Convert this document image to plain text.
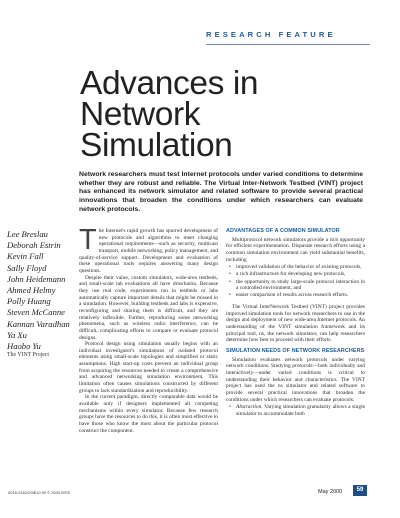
RESEARCH FEATURE
Advances in
Network
Simulation
Network researchers must test Internet protocols under varied conditions to determine whether they are robust and reliable. The Virtual Inter-Network Testbed (VINT) project has enhanced its network simulator and related software to provide several practical innovations that broaden the conditions under which researchers can evaluate network protocols.
Lee Breslau
Deborah Estrin
Kevin Fall
Sally Floyd
John Heidemann
Ahmed Helmy
Polly Huang
Steven McCanne
Kannan Varadhan
Ya Xu
Haobo Yu
The VINT Project

The Internet's rapid growth has spurred development of new protocols and algorithms to meet changing operational requirements—such as security, multicast transport, mobile networking, policy management, and quality-of-service support. Development and evaluation of these operational tools requires answering many design questions.

Despite their value, custom simulators, wide-area testbeds, and small-scale lab evaluations all have drawbacks. Because they use real code, experiments run in testbeds or labs automatically capture important details that might be missed in a simulation. However, building testbeds and labs is expensive, reconfiguring and sharing them is difficult, and they are relatively inflexible. Further, reproducing some networking phenomena, such as wireless radio interference, can be difficult, complicating efforts to compare or evaluate protocol designs.

Protocol design using simulation usually begins with an individual investigator's simulations of isolated protocol elements using small-scale topologies and simplified or static assumptions. High start-up costs prevent an individual group from acquiring the resources needed to create a comprehensive and advanced networking simulation environment. This limitation often causes simulations constructed by different groups to lack standardization and reproducibility.

In the current paradigm, directly comparable data would be available only if designers implemented all competing mechanisms within every simulator. Because few research groups have the resources to do this, it is often most effective to have those who know the most about the particular protocol construct the component.

ADVANTAGES OF A COMMON SIMULATOR

Multiprotocol network simulators provide a rich opportunity for efficient experimentation. Disparate research efforts using a common simulation environment can yield substantial benefits, including

• improved validation of the behavior of existing protocols,
• a rich infrastructure for developing new protocols,
• the opportunity to study large-scale protocol interaction in a controlled environment, and
• easier comparison of results across research efforts.

The Virtual InterNetwork Testbed (VINT) project provides improved simulation tools for network researchers to use in the design and deployment of new wide-area Internet protocols. An understanding of the VINT simulation framework and its principal tool, ns, the network simulator, can help researchers determine how best to proceed with their efforts.

SIMULATION NEEDS OF NETWORK RESEARCHERS

Simulation evaluates network protocols under varying network conditions. Studying protocols—both individually and interactively—under varied conditions is critical to understanding their behavior and characteristics. The VINT project has used the ns simulator and related software to provide several practical innovations that broaden the conditions under which researchers can evaluate protocols:

• Abstraction. Varying simulation granularity allows a single simulator to accommodate both
0018-9162/00/$10.00 © 2000 IEEE	May 2000	59
